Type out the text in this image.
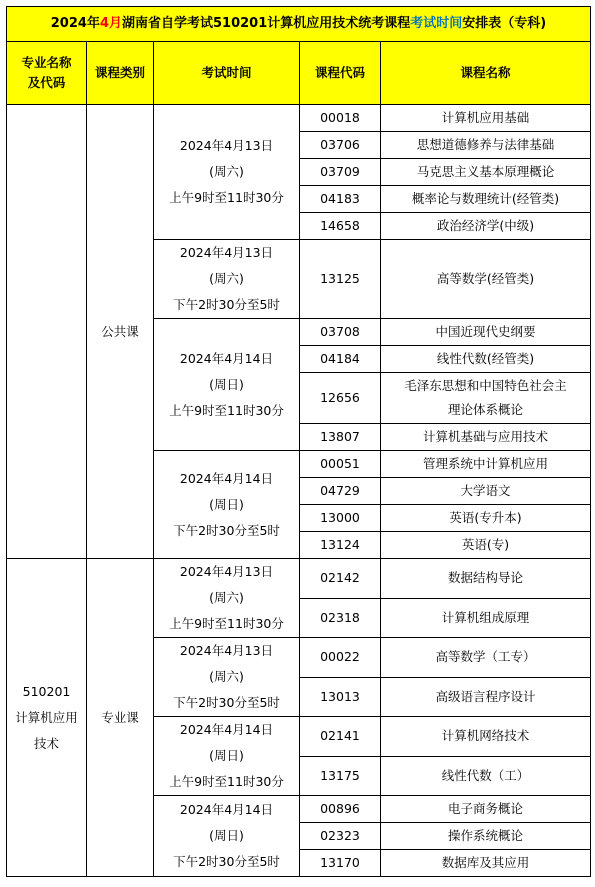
2024年4月湖南省自学考试510201计算机应用技术统考课程考试时间安排表（专科)				
专业名称
及代码	课程类别	考试时间	课程代码	课程名称

	公共课	2024年4月13日
(周六)
上午9时至11时30分	00018	计算机应用基础
			03706	思想道德修养与法律基础
			03709	马克思主义基本原理概论
			04183	概率论与数理统计(经管类)
			14658	政治经济学(中级)
		2024年4月13日
(周六)
下午2时30分至5时	13125	高等数学(经管类)
		2024年4月14日
(周日)
上午9时至11时30分	03708	中国近现代史纲要
			04184	线性代数(经管类)
			12656	毛泽东思想和中国特色社会主
理论体系概论
			13807	计算机基础与应用技术
		2024年4月14日
(周日)
下午2时30分至5时	00051	管理系统中计算机应用
			04729	大学语文
			13000	英语(专升本)
			13124	英语(专)
510201
计算机应用
技术	专业课	2024年4月13日
(周六)
上午9时至11时30分	02142	数据结构导论
			02318	计算机组成原理
		2024年4月13日
(周六)
下午2时30分至5时	00022	高等数学（工专）
			13013	高级语言程序设计
		2024年4月14日
(周日)
上午9时至11时30分	02141	计算机网络技术
			13175	线性代数（工）
		2024年4月14日
(周日)
下午2时30分至5时	00896	电子商务概论
			02323	操作系统概论
			13170	数据库及其应用
